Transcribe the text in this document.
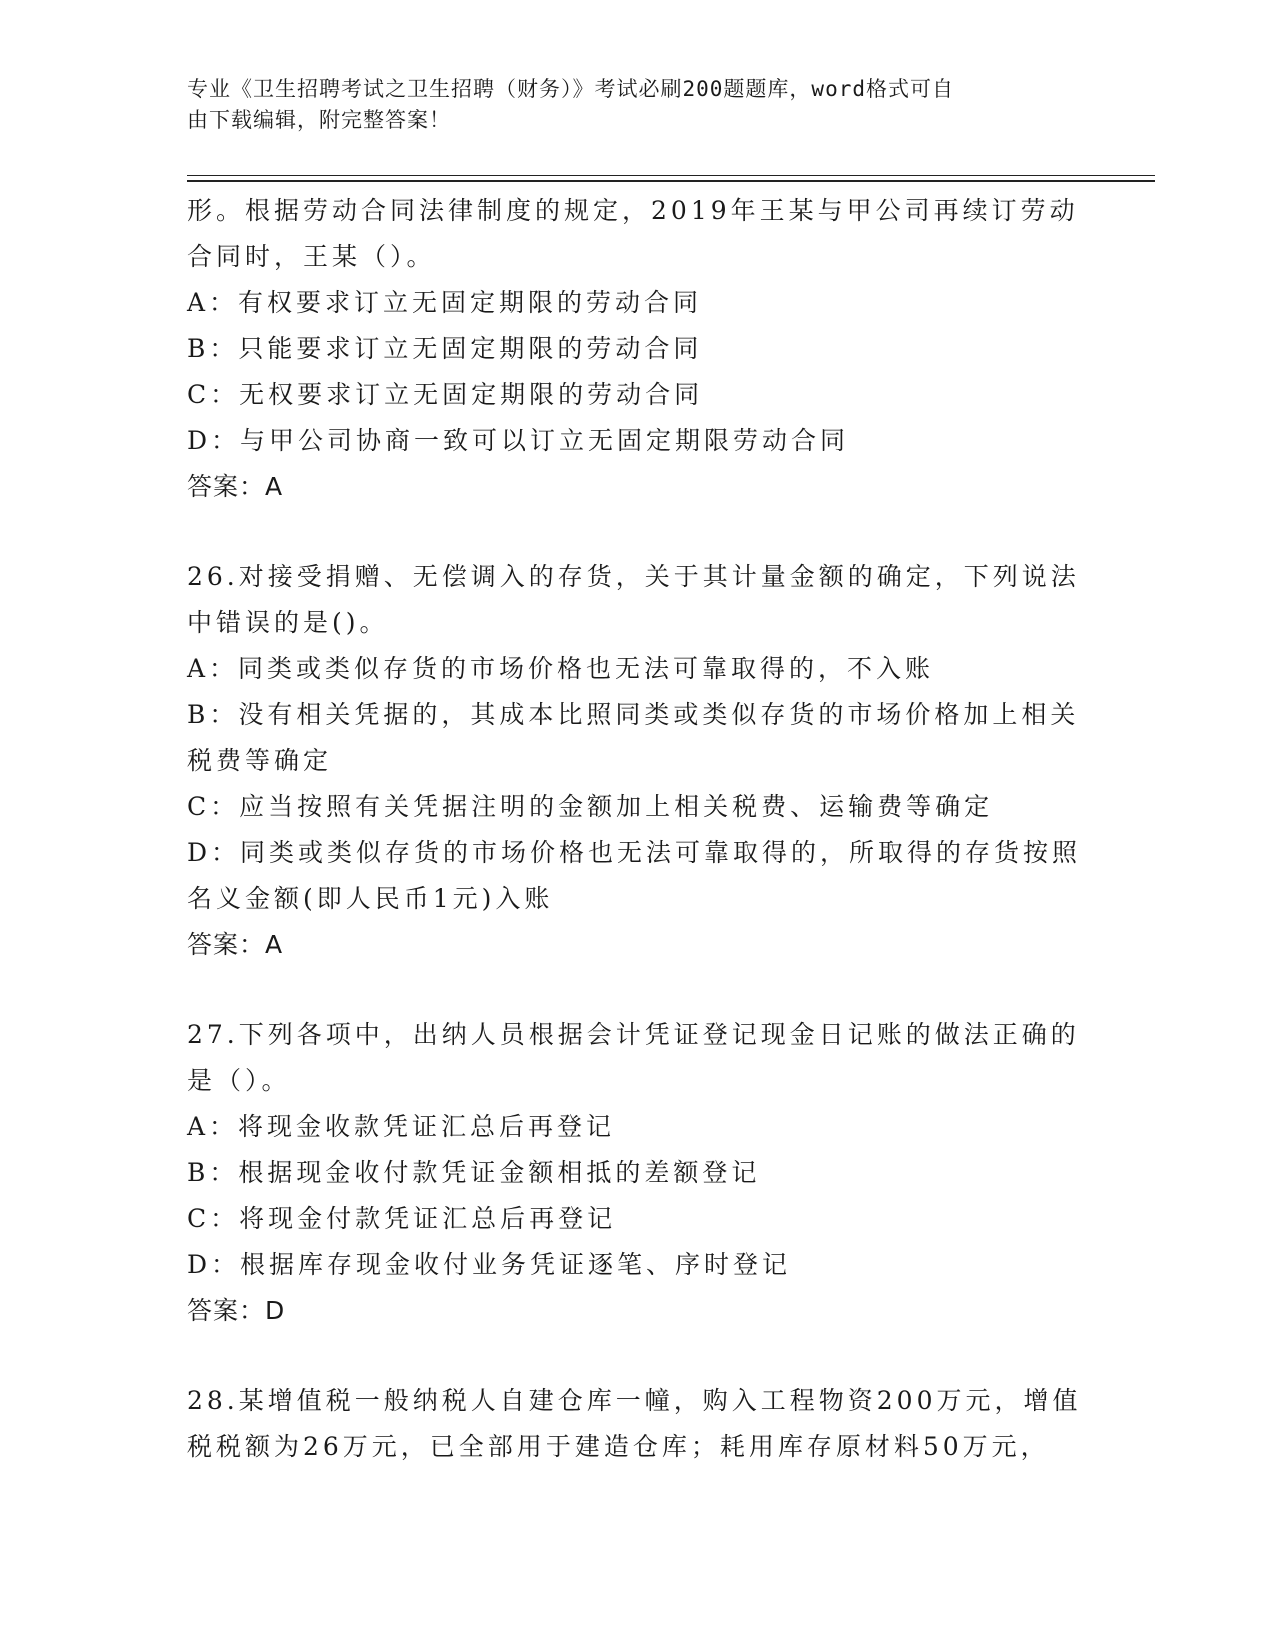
专业《卫生招聘考试之卫生招聘（财务）》考试必刷200题题库，word格式可自
由下载编辑，附完整答案！
形。根据劳动合同法律制度的规定，2019年王某与甲公司再续订劳动
合同时，王某（）。
A：有权要求订立无固定期限的劳动合同
B：只能要求订立无固定期限的劳动合同
C：无权要求订立无固定期限的劳动合同
D：与甲公司协商一致可以订立无固定期限劳动合同
答案：A
26.对接受捐赠、无偿调入的存货，关于其计量金额的确定，下列说法
中错误的是()。
A：同类或类似存货的市场价格也无法可靠取得的，不入账
B：没有相关凭据的，其成本比照同类或类似存货的市场价格加上相关
税费等确定
C：应当按照有关凭据注明的金额加上相关税费、运输费等确定
D：同类或类似存货的市场价格也无法可靠取得的，所取得的存货按照
名义金额(即人民币1元)入账
答案：A
27.下列各项中，出纳人员根据会计凭证登记现金日记账的做法正确的
是（）。
A：将现金收款凭证汇总后再登记
B：根据现金收付款凭证金额相抵的差额登记
C：将现金付款凭证汇总后再登记
D：根据库存现金收付业务凭证逐笔、序时登记
答案：D
28.某增值税一般纳税人自建仓库一幢，购入工程物资200万元，增值
税税额为26万元，已全部用于建造仓库；耗用库存原材料50万元，
